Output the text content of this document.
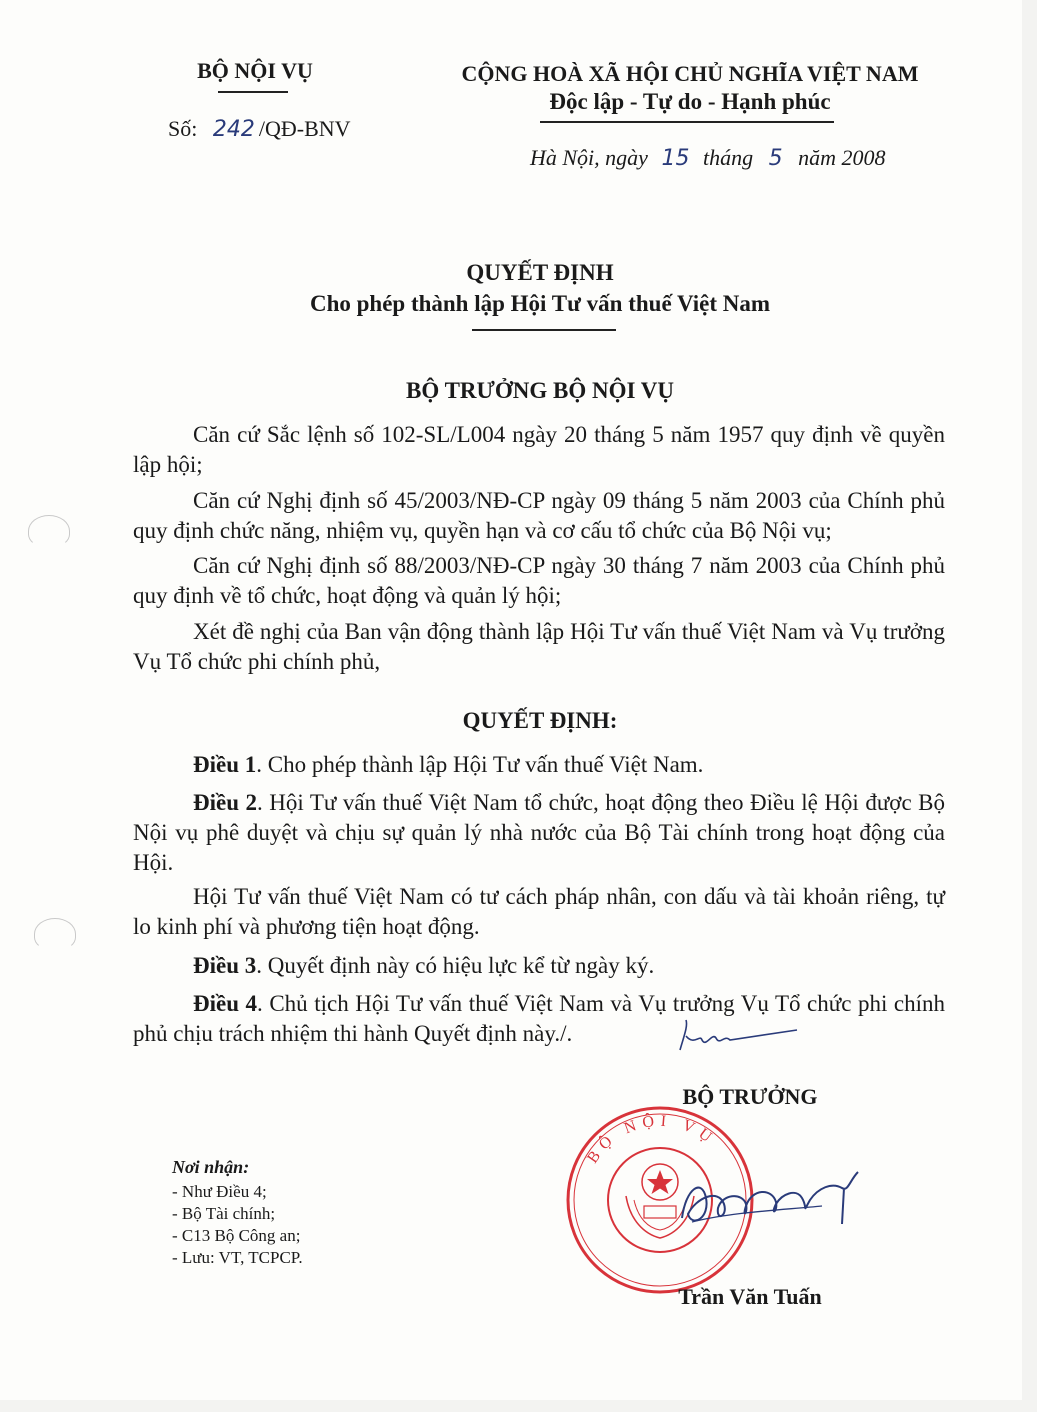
BỘ NỘI VỤ
Số: 242 /QĐ-BNV
CỘNG HOÀ XÃ HỘI CHỦ NGHĨA VIỆT NAM
Độc lập - Tự do - Hạnh phúc
Hà Nội, ngày 15 tháng 5 năm 2008
QUYẾT ĐỊNH
Cho phép thành lập Hội Tư vấn thuế Việt Nam
BỘ TRƯỞNG BỘ NỘI VỤ
Căn cứ Sắc lệnh số 102-SL/L004 ngày 20 tháng 5 năm 1957 quy định về quyền lập hội;
Căn cứ Nghị định số 45/2003/NĐ-CP ngày 09 tháng 5 năm 2003 của Chính phủ quy định chức năng, nhiệm vụ, quyền hạn và cơ cấu tổ chức của Bộ Nội vụ;
Căn cứ Nghị định số 88/2003/NĐ-CP ngày 30 tháng 7 năm 2003 của Chính phủ quy định về tổ chức, hoạt động và quản lý hội;
Xét đề nghị của Ban vận động thành lập Hội Tư vấn thuế Việt Nam và Vụ trưởng Vụ Tổ chức phi chính phủ,
QUYẾT ĐỊNH:
Điều 1. Cho phép thành lập Hội Tư vấn thuế Việt Nam.
Điều 2. Hội Tư vấn thuế Việt Nam tổ chức, hoạt động theo Điều lệ Hội được Bộ Nội vụ phê duyệt và chịu sự quản lý nhà nước của Bộ Tài chính trong hoạt động của Hội.
Hội Tư vấn thuế Việt Nam có tư cách pháp nhân, con dấu và tài khoản riêng, tự lo kinh phí và phương tiện hoạt động.
Điều 3. Quyết định này có hiệu lực kể từ ngày ký.
Điều 4. Chủ tịch Hội Tư vấn thuế Việt Nam và Vụ trưởng Vụ Tổ chức phi chính phủ chịu trách nhiệm thi hành Quyết định này./.
BỘ TRƯỞNG
BỘ NỘI VỤ
Trần Văn Tuấn
Nơi nhận:
- Như Điều 4;
- Bộ Tài chính;
- C13 Bộ Công an;
- Lưu: VT, TCPCP.
